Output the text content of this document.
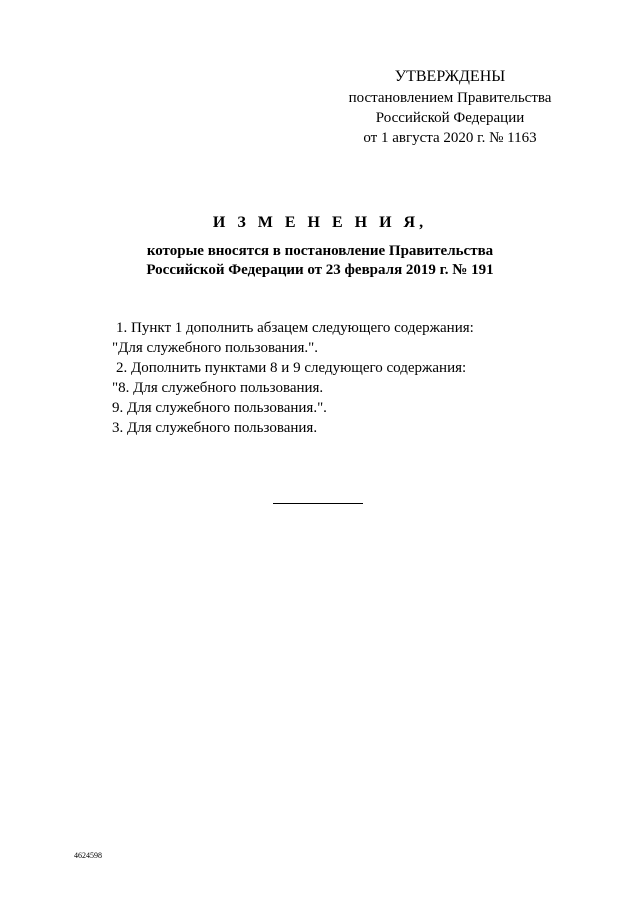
УТВЕРЖДЕНЫ
постановлением Правительства
Российской Федерации
от 1 августа 2020 г. № 1163
И З М Е Н Е Н И Я,
которые вносятся в постановление Правительства
Российской Федерации от 23 февраля 2019 г. № 191

1. Пункт 1 дополнить абзацем следующего содержания:

"Для служебного пользования.".

2. Дополнить пунктами 8 и 9 следующего содержания:

"8. Для служебного пользования.

9. Для служебного пользования.".

3. Для служебного пользования.

4624598
